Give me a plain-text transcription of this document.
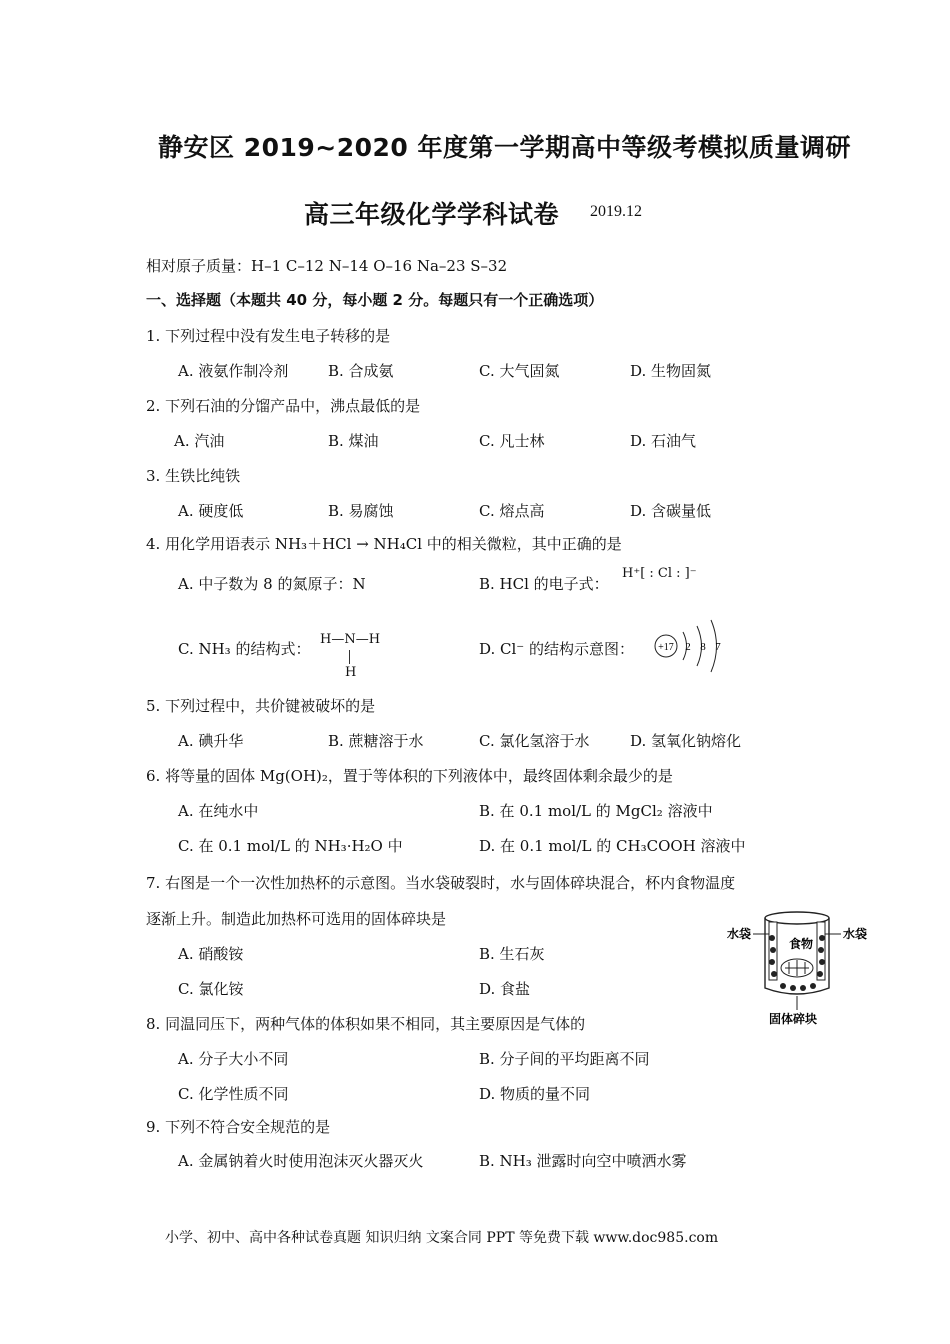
静安区 2019~2020 年度第一学期高中等级考模拟质量调研
高三年级化学学科试卷 2019.12
相对原子质量：H–1 C–12 N–14 O–16 Na–23 S–32
一、选择题（本题共 40 分，每小题 2 分。每题只有一个正确选项）
1. 下列过程中没有发生电子转移的是
A. 液氨作制冷剂	B. 合成氨	C. 大气固氮	D. 生物固氮
2. 下列石油的分馏产品中，沸点最低的是
A. 汽油	B. 煤油	C. 凡士林	D. 石油气
3. 生铁比纯铁
A. 硬度低	B. 易腐蚀	C. 熔点高	D. 含碳量低
4. 用化学用语表示 NH₃＋HCl → NH₄Cl 中的相关微粒，其中正确的是
A. 中子数为 8 的氮原子：N	B. HCl 的电子式：
H⁺[ : Cl : ]⁻
C. NH₃ 的结构式：
H—N—H
H
D. Cl⁻ 的结构示意图： +17 2 8 7
5. 下列过程中，共价键被破坏的是
A. 碘升华	B. 蔗糖溶于水	C. 氯化氢溶于水	D. 氢氧化钠熔化
6. 将等量的固体 Mg(OH)₂，置于等体积的下列液体中，最终固体剩余最少的是
A. 在纯水中	B. 在 0.1 mol/L 的 MgCl₂ 溶液中
C. 在 0.1 mol/L 的 NH₃·H₂O 中	D. 在 0.1 mol/L 的 CH₃COOH 溶液中
7. 右图是一个一次性加热杯的示意图。当水袋破裂时，水与固体碎块混合，杯内食物温度
逐渐上升。制造此加热杯可选用的固体碎块是
A. 硝酸铵	B. 生石灰
C. 氯化铵	D. 食盐
水袋	水袋
食物
固体碎块
8. 同温同压下，两种气体的体积如果不相同，其主要原因是气体的
A. 分子大小不同	B. 分子间的平均距离不同
C. 化学性质不同	D. 物质的量不同
9. 下列不符合安全规范的是
A. 金属钠着火时使用泡沫灭火器灭火	B. NH₃ 泄露时向空中喷洒水雾
小学、初中、高中各种试卷真题 知识归纳 文案合同 PPT 等免费下载 www.doc985.com
